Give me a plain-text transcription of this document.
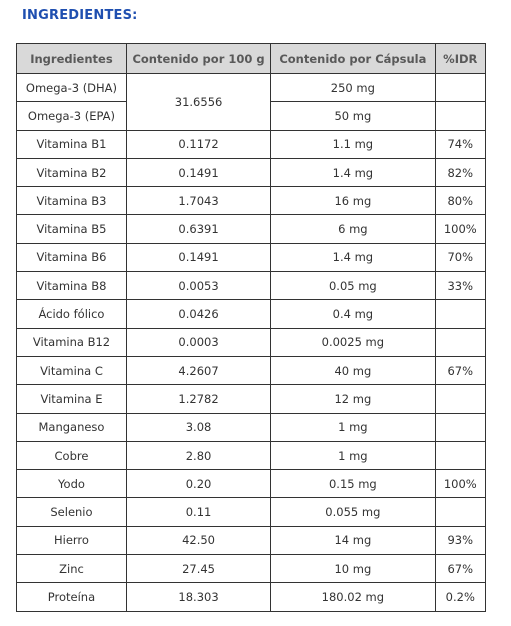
INGREDIENTES:
Ingredientes	Contenido por 100 g	Contenido por Cápsula	%IDR
Omega-3 (DHA)	31.6556	250 mg	
Omega-3 (EPA)		50 mg	
Vitamina B1	0.1172	1.1 mg	74%
Vitamina B2	0.1491	1.4 mg	82%
Vitamina B3	1.7043	16 mg	80%
Vitamina B5	0.6391	6 mg	100%
Vitamina B6	0.1491	1.4 mg	70%
Vitamina B8	0.0053	0.05 mg	33%
Ácido fólico	0.0426	0.4 mg	
Vitamina B12	0.0003	0.0025 mg	
Vitamina C	4.2607	40 mg	67%
Vitamina E	1.2782	12 mg	
Manganeso	3.08	1 mg	
Cobre	2.80	1 mg	
Yodo	0.20	0.15 mg	100%
Selenio	0.11	0.055 mg	
Hierro	42.50	14 mg	93%
Zinc	27.45	10 mg	67%
Proteína	18.303	180.02 mg	0.2%
